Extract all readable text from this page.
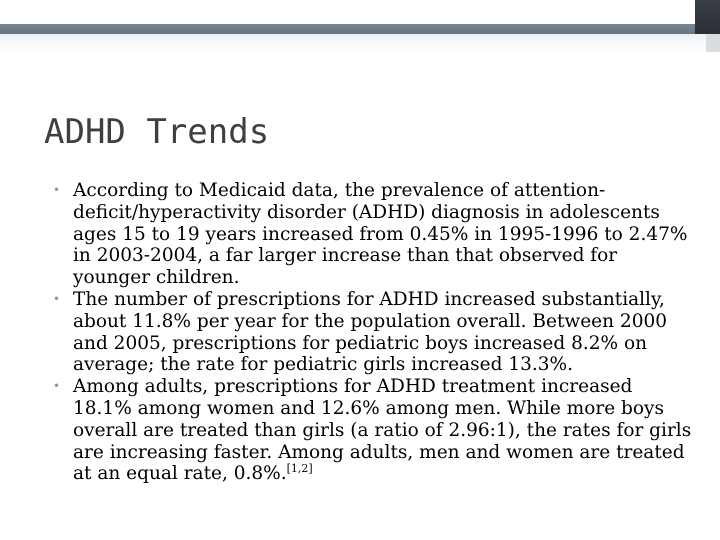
ADHD Trends
• According to Medicaid data, the prevalence of attention-deficit/hyperactivity disorder (ADHD) diagnosis in adolescents ages 15 to 19 years increased from 0.45% in 1995-1996 to 2.47% in 2003-2004, a far larger increase than that observed for younger children.
• The number of prescriptions for ADHD increased substantially, about 11.8% per year for the population overall. Between 2000 and 2005, prescriptions for pediatric boys increased 8.2% on average; the rate for pediatric girls increased 13.3%.
• Among adults, prescriptions for ADHD treatment increased 18.1% among women and 12.6% among men. While more boys overall are treated than girls (a ratio of 2.96:1), the rates for girls are increasing faster. Among adults, men and women are treated at an equal rate, 0.8%.[1,2]
